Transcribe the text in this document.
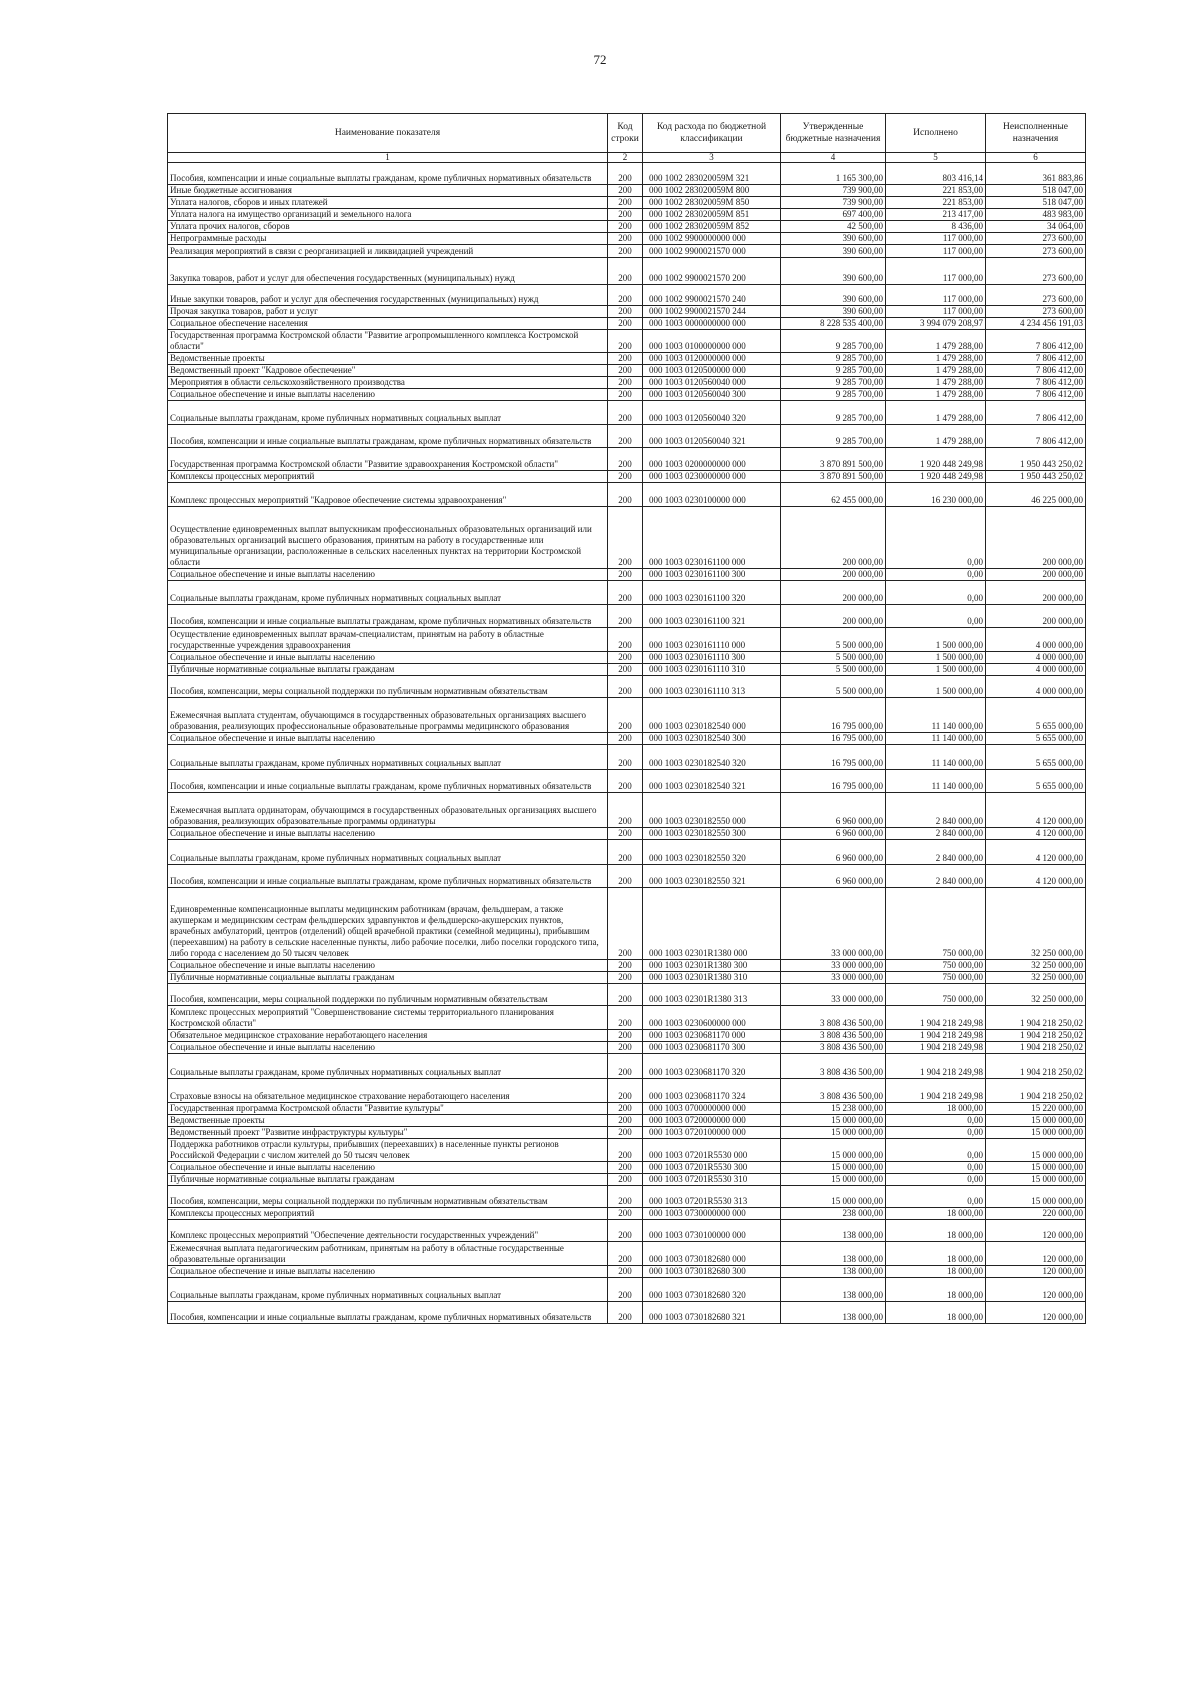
72
Наименование показателя	Код строки	Код расхода по бюджетной классификации	Утвержденные бюджетные назначения	Исполнено	Неисполненные назначения
1	2	3	4	5	6
Пособия, компенсации и иные социальные выплаты гражданам, кроме публичных нормативных обязательств	200	000 1002 283020059М 321	1 165 300,00	803 416,14	361 883,86
Иные бюджетные ассигнования	200	000 1002 283020059М 800	739 900,00	221 853,00	518 047,00
Уплата налогов, сборов и иных платежей	200	000 1002 283020059М 850	739 900,00	221 853,00	518 047,00
Уплата налога на имущество организаций и земельного налога	200	000 1002 283020059М 851	697 400,00	213 417,00	483 983,00
Уплата прочих налогов, сборов	200	000 1002 283020059М 852	42 500,00	8 436,00	34 064,00
Непрограммные расходы	200	000 1002 9900000000 000	390 600,00	117 000,00	273 600,00
Реализация мероприятий в связи с реорганизацией и ликвидацией учреждений	200	000 1002 9900021570 000	390 600,00	117 000,00	273 600,00
Закупка товаров, работ и услуг для обеспечения государственных (муниципальных) нужд	200	000 1002 9900021570 200	390 600,00	117 000,00	273 600,00
Иные закупки товаров, работ и услуг для обеспечения государственных (муниципальных) нужд	200	000 1002 9900021570 240	390 600,00	117 000,00	273 600,00
Прочая закупка товаров, работ и услуг	200	000 1002 9900021570 244	390 600,00	117 000,00	273 600,00
Социальное обеспечение населения	200	000 1003 0000000000 000	8 228 535 400,00	3 994 079 208,97	4 234 456 191,03
Государственная программа Костромской области "Развитие агропромышленного комплекса Костромской области"	200	000 1003 0100000000 000	9 285 700,00	1 479 288,00	7 806 412,00
Ведомственные проекты	200	000 1003 0120000000 000	9 285 700,00	1 479 288,00	7 806 412,00
Ведомственный проект "Кадровое обеспечение"	200	000 1003 0120500000 000	9 285 700,00	1 479 288,00	7 806 412,00
Мероприятия в области сельскохозяйственного производства	200	000 1003 0120560040 000	9 285 700,00	1 479 288,00	7 806 412,00
Социальное обеспечение и иные выплаты населению	200	000 1003 0120560040 300	9 285 700,00	1 479 288,00	7 806 412,00
Социальные выплаты гражданам, кроме публичных нормативных социальных выплат	200	000 1003 0120560040 320	9 285 700,00	1 479 288,00	7 806 412,00
Пособия, компенсации и иные социальные выплаты гражданам, кроме публичных нормативных обязательств	200	000 1003 0120560040 321	9 285 700,00	1 479 288,00	7 806 412,00
Государственная программа Костромской области "Развитие здравоохранения Костромской области"	200	000 1003 0200000000 000	3 870 891 500,00	1 920 448 249,98	1 950 443 250,02
Комплексы процессных мероприятий	200	000 1003 0230000000 000	3 870 891 500,00	1 920 448 249,98	1 950 443 250,02
Комплекс процессных мероприятий "Кадровое обеспечение системы здравоохранения"	200	000 1003 0230100000 000	62 455 000,00	16 230 000,00	46 225 000,00
Осуществление единовременных выплат выпускникам профессиональных образовательных организаций или образовательных организаций высшего образования, принятым на работу в государственные или муниципальные организации, расположенные в сельских населенных пунктах на территории Костромской области	200	000 1003 0230161100 000	200 000,00	0,00	200 000,00
Социальное обеспечение и иные выплаты населению	200	000 1003 0230161100 300	200 000,00	0,00	200 000,00
Социальные выплаты гражданам, кроме публичных нормативных социальных выплат	200	000 1003 0230161100 320	200 000,00	0,00	200 000,00
Пособия, компенсации и иные социальные выплаты гражданам, кроме публичных нормативных обязательств	200	000 1003 0230161100 321	200 000,00	0,00	200 000,00
Осуществление единовременных выплат врачам-специалистам, принятым на работу в областные государственные учреждения здравоохранения	200	000 1003 0230161110 000	5 500 000,00	1 500 000,00	4 000 000,00
Социальное обеспечение и иные выплаты населению	200	000 1003 0230161110 300	5 500 000,00	1 500 000,00	4 000 000,00
Публичные нормативные социальные выплаты гражданам	200	000 1003 0230161110 310	5 500 000,00	1 500 000,00	4 000 000,00
Пособия, компенсации, меры социальной поддержки по публичным нормативным обязательствам	200	000 1003 0230161110 313	5 500 000,00	1 500 000,00	4 000 000,00
Ежемесячная выплата студентам, обучающимся в государственных образовательных организациях высшего образования, реализующих профессиональные образовательные программы медицинского образования	200	000 1003 0230182540 000	16 795 000,00	11 140 000,00	5 655 000,00
Социальное обеспечение и иные выплаты населению	200	000 1003 0230182540 300	16 795 000,00	11 140 000,00	5 655 000,00
Социальные выплаты гражданам, кроме публичных нормативных социальных выплат	200	000 1003 0230182540 320	16 795 000,00	11 140 000,00	5 655 000,00
Пособия, компенсации и иные социальные выплаты гражданам, кроме публичных нормативных обязательств	200	000 1003 0230182540 321	16 795 000,00	11 140 000,00	5 655 000,00
Ежемесячная выплата ординаторам, обучающимся в государственных образовательных организациях высшего образования, реализующих образовательные программы ординатуры	200	000 1003 0230182550 000	6 960 000,00	2 840 000,00	4 120 000,00
Социальное обеспечение и иные выплаты населению	200	000 1003 0230182550 300	6 960 000,00	2 840 000,00	4 120 000,00
Социальные выплаты гражданам, кроме публичных нормативных социальных выплат	200	000 1003 0230182550 320	6 960 000,00	2 840 000,00	4 120 000,00
Пособия, компенсации и иные социальные выплаты гражданам, кроме публичных нормативных обязательств	200	000 1003 0230182550 321	6 960 000,00	2 840 000,00	4 120 000,00
Единовременные компенсационные выплаты медицинским работникам (врачам, фельдшерам, а также акушеркам и медицинским сестрам фельдшерских здравпунктов и фельдшерско-акушерских пунктов, врачебных амбулаторий, центров (отделений) общей врачебной практики (семейной медицины), прибывшим (переехавшим) на работу в сельские населенные пункты, либо рабочие поселки, либо поселки городского типа, либо города с населением до 50 тысяч человек	200	000 1003 02301R1380 000	33 000 000,00	750 000,00	32 250 000,00
Социальное обеспечение и иные выплаты населению	200	000 1003 02301R1380 300	33 000 000,00	750 000,00	32 250 000,00
Публичные нормативные социальные выплаты гражданам	200	000 1003 02301R1380 310	33 000 000,00	750 000,00	32 250 000,00
Пособия, компенсации, меры социальной поддержки по публичным нормативным обязательствам	200	000 1003 02301R1380 313	33 000 000,00	750 000,00	32 250 000,00
Комплекс процессных мероприятий "Совершенствование системы территориального планирования Костромской области"	200	000 1003 0230600000 000	3 808 436 500,00	1 904 218 249,98	1 904 218 250,02
Обязательное медицинское страхование неработающего населения	200	000 1003 0230681170 000	3 808 436 500,00	1 904 218 249,98	1 904 218 250,02
Социальное обеспечение и иные выплаты населению	200	000 1003 0230681170 300	3 808 436 500,00	1 904 218 249,98	1 904 218 250,02
Социальные выплаты гражданам, кроме публичных нормативных социальных выплат	200	000 1003 0230681170 320	3 808 436 500,00	1 904 218 249,98	1 904 218 250,02
Страховые взносы на обязательное медицинское страхование неработающего населения	200	000 1003 0230681170 324	3 808 436 500,00	1 904 218 249,98	1 904 218 250,02
Государственная программа Костромской области "Развитие культуры"	200	000 1003 0700000000 000	15 238 000,00	18 000,00	15 220 000,00
Ведомственные проекты	200	000 1003 0720000000 000	15 000 000,00	0,00	15 000 000,00
Ведомственный проект "Развитие инфраструктуры культуры"	200	000 1003 0720100000 000	15 000 000,00	0,00	15 000 000,00
Поддержка работников отрасли культуры, прибывших (переехавших) в населенные пункты регионов Российской Федерации с числом жителей до 50 тысяч человек	200	000 1003 07201R5530 000	15 000 000,00	0,00	15 000 000,00
Социальное обеспечение и иные выплаты населению	200	000 1003 07201R5530 300	15 000 000,00	0,00	15 000 000,00
Публичные нормативные социальные выплаты гражданам	200	000 1003 07201R5530 310	15 000 000,00	0,00	15 000 000,00
Пособия, компенсации, меры социальной поддержки по публичным нормативным обязательствам	200	000 1003 07201R5530 313	15 000 000,00	0,00	15 000 000,00
Комплексы процессных мероприятий	200	000 1003 0730000000 000	238 000,00	18 000,00	220 000,00
Комплекс процессных мероприятий "Обеспечение деятельности государственных учреждений"	200	000 1003 0730100000 000	138 000,00	18 000,00	120 000,00
Ежемесячная выплата педагогическим работникам, принятым на работу в областные государственные образовательные организации	200	000 1003 0730182680 000	138 000,00	18 000,00	120 000,00
Социальное обеспечение и иные выплаты населению	200	000 1003 0730182680 300	138 000,00	18 000,00	120 000,00
Социальные выплаты гражданам, кроме публичных нормативных социальных выплат	200	000 1003 0730182680 320	138 000,00	18 000,00	120 000,00
Пособия, компенсации и иные социальные выплаты гражданам, кроме публичных нормативных обязательств	200	000 1003 0730182680 321	138 000,00	18 000,00	120 000,00
